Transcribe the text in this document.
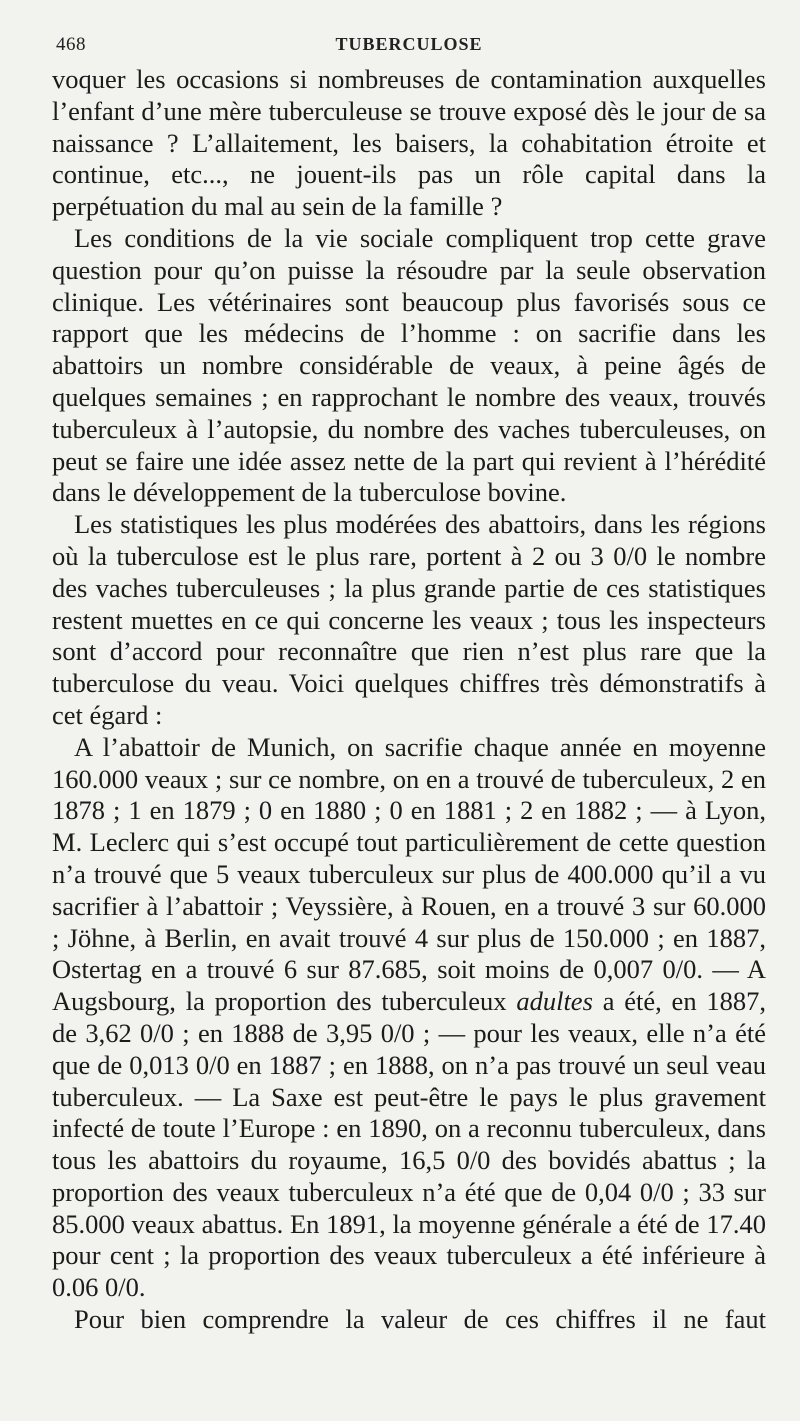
468	TUBERCULOSE

voquer les occasions si nombreuses de contamination auxquelles l’enfant d’une mère tuberculeuse se trouve exposé dès le jour de sa naissance ? L’allaitement, les baisers, la cohabitation étroite et continue, etc..., ne jouent-ils pas un rôle capital dans la perpétuation du mal au sein de la famille ?

Les conditions de la vie sociale compliquent trop cette grave question pour qu’on puisse la résoudre par la seule observation clinique. Les vétérinaires sont beaucoup plus favorisés sous ce rapport que les médecins de l’homme : on sacrifie dans les abattoirs un nombre considérable de veaux, à peine âgés de quelques semaines ; en rapprochant le nombre des veaux, trouvés tuberculeux à l’autopsie, du nombre des vaches tuberculeuses, on peut se faire une idée assez nette de la part qui revient à l’hérédité dans le développement de la tuberculose bovine.

Les statistiques les plus modérées des abattoirs, dans les régions où la tuberculose est le plus rare, portent à 2 ou 3 0/0 le nombre des vaches tuberculeuses ; la plus grande partie de ces statistiques restent muettes en ce qui concerne les veaux ; tous les inspecteurs sont d’accord pour reconnaître que rien n’est plus rare que la tuberculose du veau. Voici quelques chiffres très démonstratifs à cet égard :

A l’abattoir de Munich, on sacrifie chaque année en moyenne 160.000 veaux ; sur ce nombre, on en a trouvé de tuberculeux, 2 en 1878 ; 1 en 1879 ; 0 en 1880 ; 0 en 1881 ; 2 en 1882 ; — à Lyon, M. Leclerc qui s’est occupé tout particulièrement de cette question n’a trouvé que 5 veaux tuberculeux sur plus de 400.000 qu’il a vu sacrifier à l’abattoir ; Veyssière, à Rouen, en a trouvé 3 sur 60.000 ; Jöhne, à Berlin, en avait trouvé 4 sur plus de 150.000 ; en 1887, Ostertag en a trouvé 6 sur 87.685, soit moins de 0,007 0/0. — A Augsbourg, la proportion des tuberculeux adultes a été, en 1887, de 3,62 0/0 ; en 1888 de 3,95 0/0 ; — pour les veaux, elle n’a été que de 0,013 0/0 en 1887 ; en 1888, on n’a pas trouvé un seul veau tuberculeux. — La Saxe est peut-être le pays le plus gravement infecté de toute l’Europe : en 1890, on a reconnu tuberculeux, dans tous les abattoirs du royaume, 16,5 0/0 des bovidés abattus ; la proportion des veaux tuberculeux n’a été que de 0,04 0/0 ; 33 sur 85.000 veaux abattus. En 1891, la moyenne générale a été de 17.40 pour cent ; la proportion des veaux tuberculeux a été inférieure à 0.06 0/0.

Pour bien comprendre la valeur de ces chiffres il ne faut
